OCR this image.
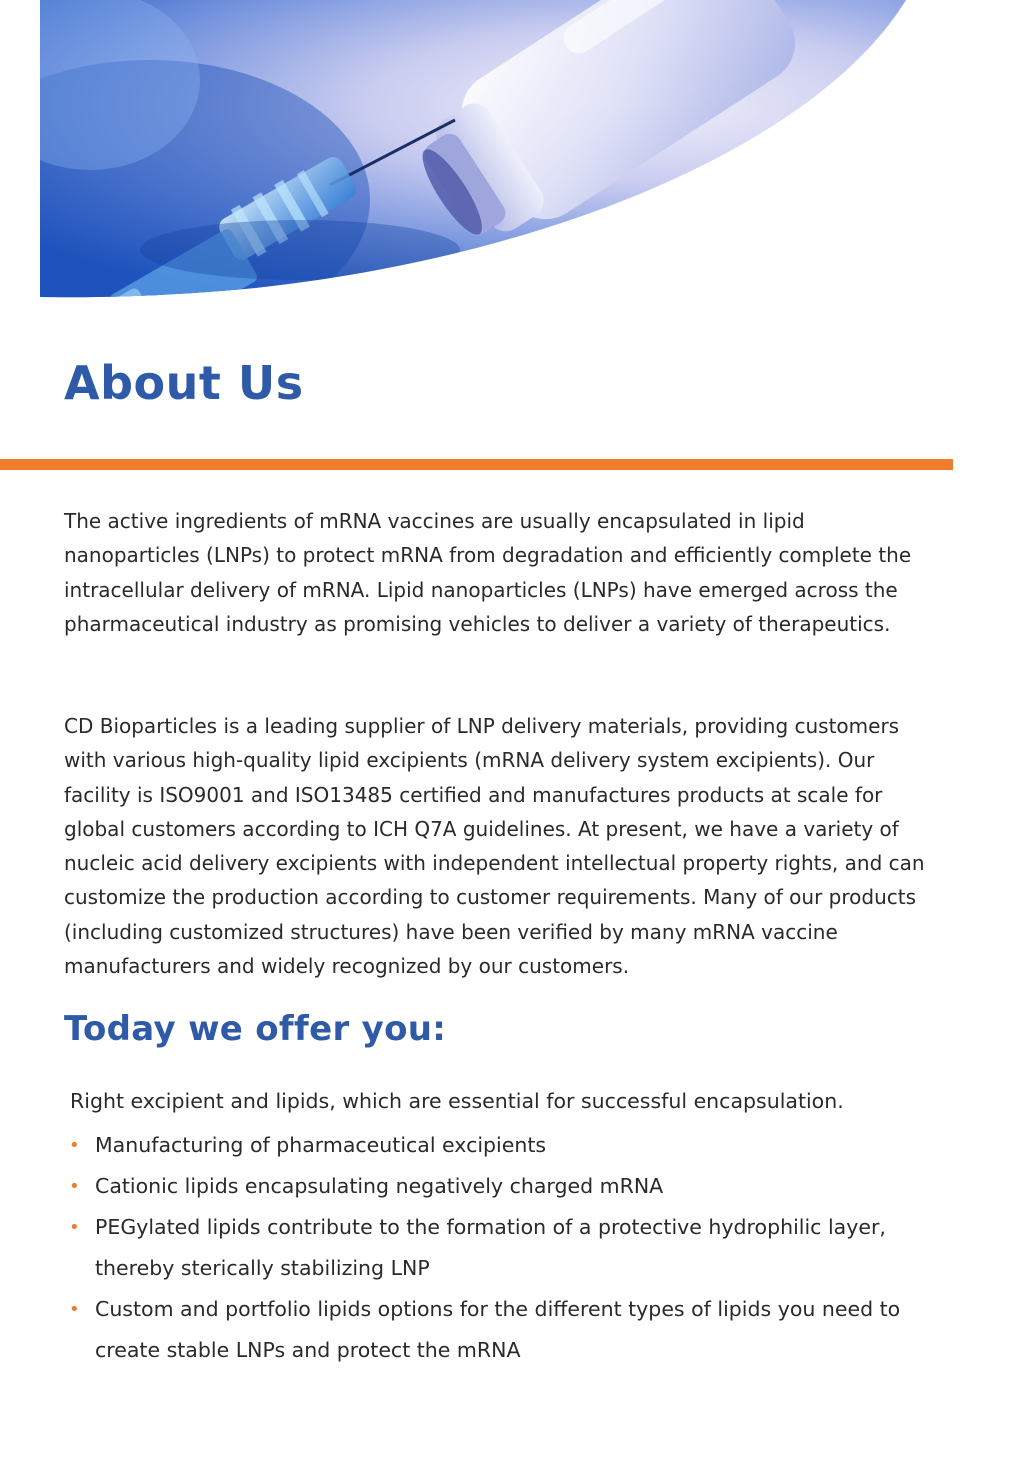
About Us

The active ingredients of mRNA vaccines are usually encapsulated in lipid nanoparticles (LNPs) to protect mRNA from degradation and efficiently complete the intracellular delivery of mRNA. Lipid nanoparticles (LNPs) have emerged across the pharmaceutical industry as promising vehicles to deliver a variety of therapeutics.

CD Bioparticles is a leading supplier of LNP delivery materials, providing customers with various high-quality lipid excipients (mRNA delivery system excipients). Our facility is ISO9001 and ISO13485 certified and manufactures products at scale for global customers according to ICH Q7A guidelines. At present, we have a variety of nucleic acid delivery excipients with independent intellectual property rights, and can customize the production according to customer requirements. Many of our products (including customized structures) have been verified by many mRNA vaccine manufacturers and widely recognized by our customers.

Today we offer you:

Right excipient and lipids, which are essential for successful encapsulation.

• Manufacturing of pharmaceutical excipients
• Cationic lipids encapsulating negatively charged mRNA
• PEGylated lipids contribute to the formation of a protective hydrophilic layer, thereby sterically stabilizing LNP
• Custom and portfolio lipids options for the different types of lipids you need to create stable LNPs and protect the mRNA
